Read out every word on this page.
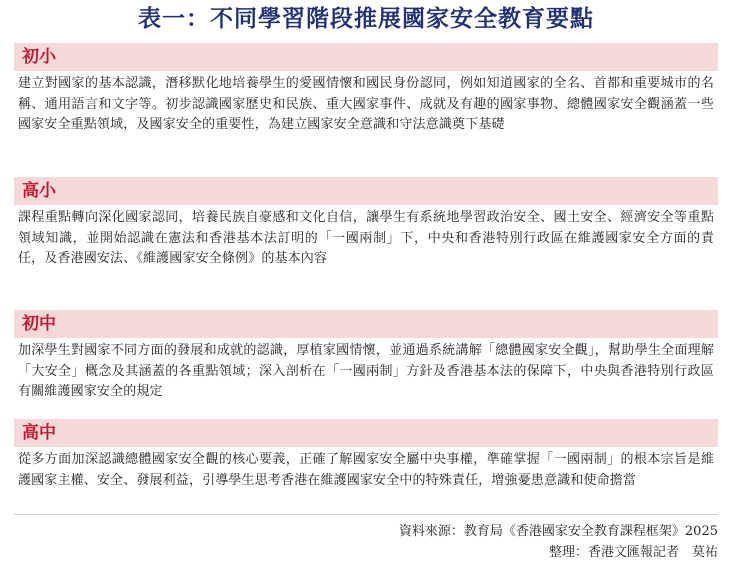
表一：不同學習階段推展國家安全教育要點
初小
建立對國家的基本認識，潛移默化地培養學生的愛國情懷和國民身份認同，例如知道國家的全名、首都和重要城市的名稱、通用語言和文字等。初步認識國家歷史和民族、重大國家事件、成就及有趣的國家事物、總體國家安全觀涵蓋一些國家安全重點領域，及國家安全的重要性，為建立國家安全意識和守法意識奠下基礎
高小
課程重點轉向深化國家認同，培養民族自豪感和文化自信，讓學生有系統地學習政治安全、國土安全、經濟安全等重點領域知識，並開始認識在憲法和香港基本法訂明的「一國兩制」下，中央和香港特別行政區在維護國家安全方面的責任，及香港國安法、《維護國家安全條例》的基本內容
初中
加深學生對國家不同方面的發展和成就的認識，厚植家國情懷，並通過系統講解「總體國家安全觀」，幫助學生全面理解「大安全」概念及其涵蓋的各重點領域；深入剖析在「一國兩制」方針及香港基本法的保障下，中央與香港特別行政區有關維護國家安全的規定
高中
從多方面加深認識總體國家安全觀的核心要義，正確了解國家安全屬中央事權，準確掌握「一國兩制」的根本宗旨是維護國家主權、安全、發展利益，引導學生思考香港在維護國家安全中的特殊責任，增強憂患意識和使命擔當
資料來源：教育局《香港國家安全教育課程框架》2025
整理：香港文匯報記者　莫祐
